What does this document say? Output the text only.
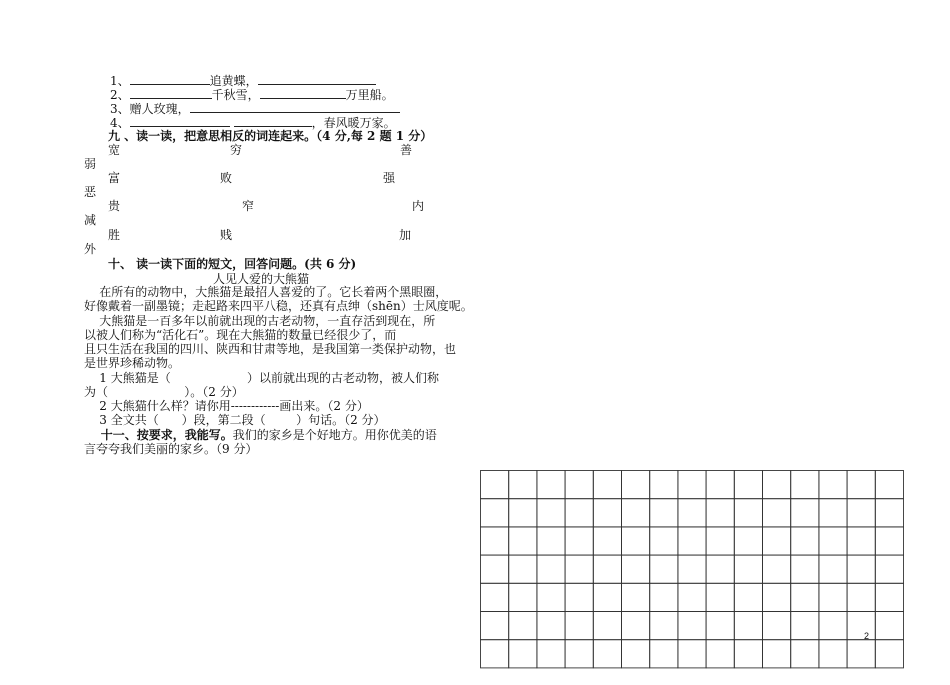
1、	追黄蝶，
2、	千秋雪，	万里船。
3、赠人玫瑰，
4、	，春风暖万家。
九 、读一读，把意思相反的词连起来。（4 分,每 2 题 1 分）
宽	穷	善
弱
富	败	强
恶
贵	窄	内
减
胜	贱	加
外
十、 读一读下面的短文，回答问题。(共 6 分)
人见人爱的大熊猫
在所有的动物中，大熊猫是最招人喜爱的了。它长着两个黑眼圈，
好像戴着一副墨镜；走起路来四平八稳，还真有点绅（shēn）士风度呢。
大熊猫是一百多年以前就出现的古老动物，一直存活到现在，所
以被人们称为“活化石”。现在大熊猫的数量已经很少了，而
且只生活在我国的四川、陕西和甘肃等地，是我国第一类保护动物，也
是世界珍稀动物。
1 大熊猫是（                    ）以前就出现的古老动物，被人们称
为（                    ）。（2 分）
2 大熊猫什么样？请你用------------画出来。（2 分）
3 全文共（      ）段，第二段（        ）句话。（2 分）
十一、按要求，我能写。我们的家乡是个好地方。用你优美的语
言夸夸我们美丽的家乡。（9 分）
2
